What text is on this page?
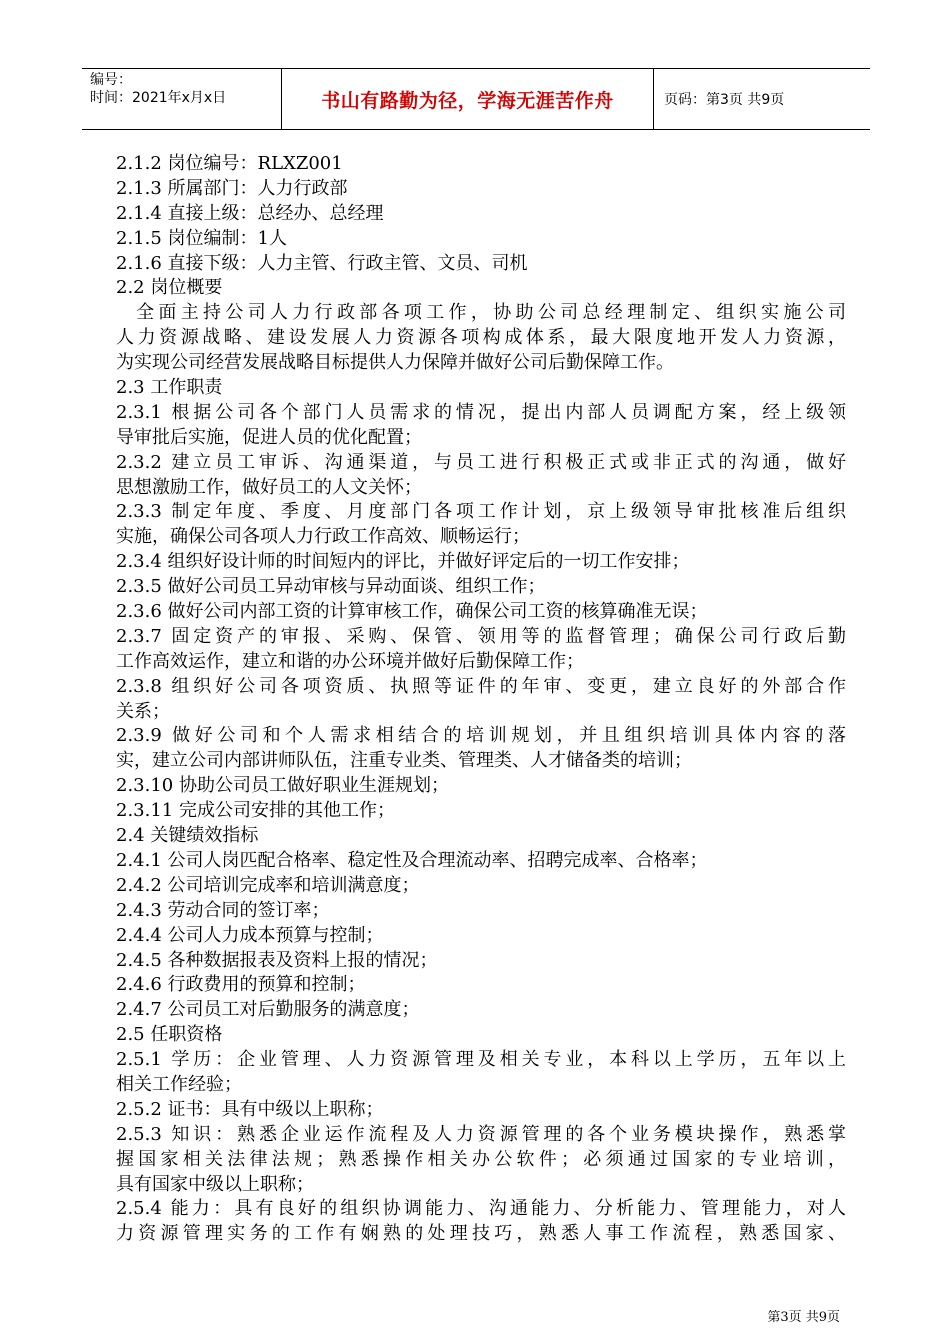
编号：
时间：2021年x月x日	书山有路勤为径，学海无涯苦作舟	页码：第3页 共9页
2.1.2 岗位编号：RLXZ001
2.1.3 所属部门：人力行政部
2.1.4 直接上级：总经办、总经理
2.1.5 岗位编制：1人
2.1.6 直接下级：人力主管、行政主管、文员、司机
2.2 岗位概要
全面主持公司人力行政部各项工作，协助公司总经理制定、组织实施公司
人力资源战略、建设发展人力资源各项构成体系，最大限度地开发人力资源，
为实现公司经营发展战略目标提供人力保障并做好公司后勤保障工作。
2.3 工作职责
2.3.1 根据公司各个部门人员需求的情况，提出内部人员调配方案，经上级领
导审批后实施，促进人员的优化配置；
2.3.2 建立员工审诉、沟通渠道，与员工进行积极正式或非正式的沟通，做好
思想激励工作，做好员工的人文关怀；
2.3.3 制定年度、季度、月度部门各项工作计划，京上级领导审批核准后组织
实施，确保公司各项人力行政工作高效、顺畅运行；
2.3.4 组织好设计师的时间短内的评比，并做好评定后的一切工作安排；
2.3.5 做好公司员工异动审核与异动面谈、组织工作；
2.3.6 做好公司内部工资的计算审核工作，确保公司工资的核算确准无误；
2.3.7 固定资产的审报、采购、保管、领用等的监督管理；确保公司行政后勤
工作高效运作，建立和谐的办公环境并做好后勤保障工作；
2.3.8 组织好公司各项资质、执照等证件的年审、变更，建立良好的外部合作
关系；
2.3.9 做好公司和个人需求相结合的培训规划，并且组织培训具体内容的落
实，建立公司内部讲师队伍，注重专业类、管理类、人才储备类的培训；
2.3.10 协助公司员工做好职业生涯规划；
2.3.11 完成公司安排的其他工作；
2.4 关键绩效指标
2.4.1 公司人岗匹配合格率、稳定性及合理流动率、招聘完成率、合格率；
2.4.2 公司培训完成率和培训满意度；
2.4.3 劳动合同的签订率；
2.4.4 公司人力成本预算与控制；
2.4.5 各种数据报表及资料上报的情况；
2.4.6 行政费用的预算和控制；
2.4.7 公司员工对后勤服务的满意度；
2.5 任职资格
2.5.1 学历：企业管理、人力资源管理及相关专业，本科以上学历，五年以上
相关工作经验；
2.5.2 证书：具有中级以上职称；
2.5.3 知识：熟悉企业运作流程及人力资源管理的各个业务模块操作，熟悉掌
握国家相关法律法规；熟悉操作相关办公软件；必须通过国家的专业培训，
具有国家中级以上职称；
2.5.4 能力：具有良好的组织协调能力、沟通能力、分析能力、管理能力，对人
力资源管理实务的工作有娴熟的处理技巧，熟悉人事工作流程，熟悉国家、
第3页 共9页
